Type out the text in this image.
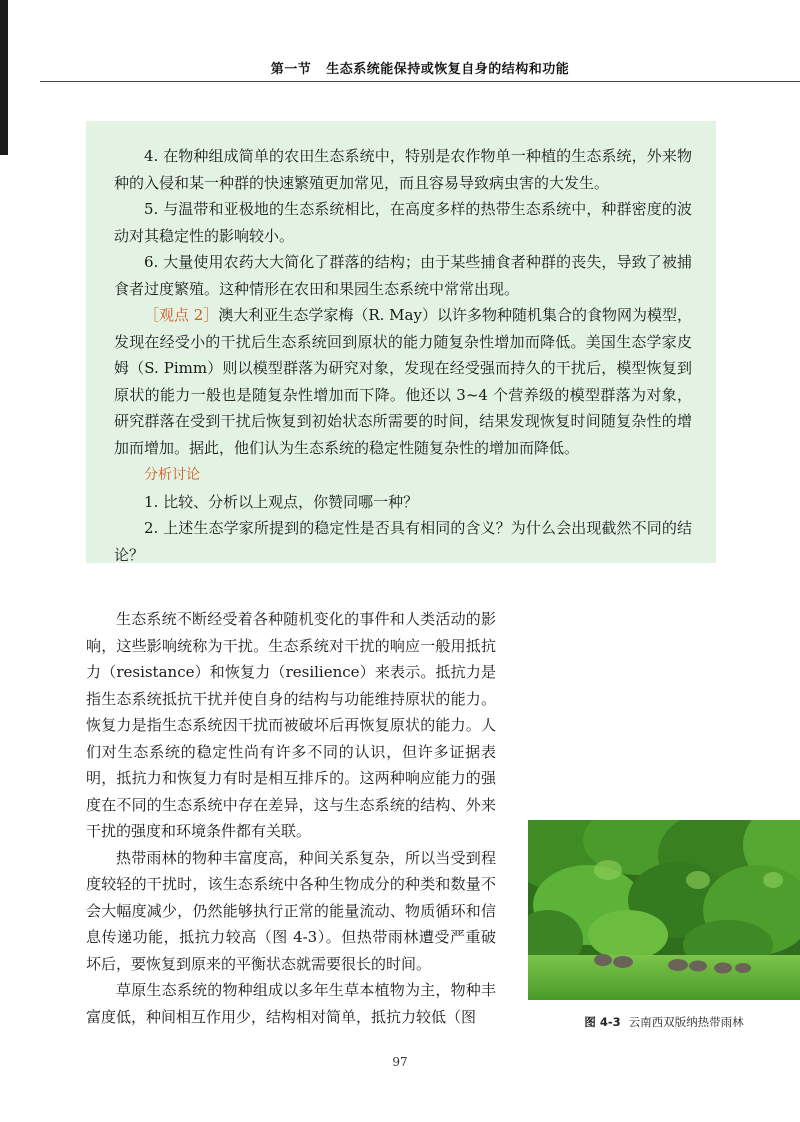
第一节 生态系统能保持或恢复自身的结构和功能

4. 在物种组成简单的农田生态系统中，特别是农作物单一种植的生态系统，外来物种的入侵和某一种群的快速繁殖更加常见，而且容易导致病虫害的大发生。

5. 与温带和亚极地的生态系统相比，在高度多样的热带生态系统中，种群密度的波动对其稳定性的影响较小。

6. 大量使用农药大大简化了群落的结构；由于某些捕食者种群的丧失，导致了被捕食者过度繁殖。这种情形在农田和果园生态系统中常常出现。

［观点 2］澳大利亚生态学家梅（R. May）以许多物种随机集合的食物网为模型，发现在经受小的干扰后生态系统回到原状的能力随复杂性增加而降低。美国生态学家皮姆（S. Pimm）则以模型群落为研究对象，发现在经受强而持久的干扰后，模型恢复到原状的能力一般也是随复杂性增加而下降。他还以 3~4 个营养级的模型群落为对象，研究群落在受到干扰后恢复到初始状态所需要的时间，结果发现恢复时间随复杂性的增加而增加。据此，他们认为生态系统的稳定性随复杂性的增加而降低。

分析讨论

1. 比较、分析以上观点，你赞同哪一种？

2. 上述生态学家所提到的稳定性是否具有相同的含义？为什么会出现截然不同的结论？

生态系统不断经受着各种随机变化的事件和人类活动的影响，这些影响统称为干扰。生态系统对干扰的响应一般用抵抗力（resistance）和恢复力（resilience）来表示。抵抗力是指生态系统抵抗干扰并使自身的结构与功能维持原状的能力。恢复力是指生态系统因干扰而被破坏后再恢复原状的能力。人们对生态系统的稳定性尚有许多不同的认识，但许多证据表明，抵抗力和恢复力有时是相互排斥的。这两种响应能力的强度在不同的生态系统中存在差异，这与生态系统的结构、外来干扰的强度和环境条件都有关联。

热带雨林的物种丰富度高，种间关系复杂，所以当受到程度较轻的干扰时，该生态系统中各种生物成分的种类和数量不会大幅度减少，仍然能够执行正常的能量流动、物质循环和信息传递功能，抵抗力较高（图 4-3）。但热带雨林遭受严重破坏后，要恢复到原来的平衡状态就需要很长的时间。

草原生态系统的物种组成以多年生草本植物为主，物种丰富度低，种间相互作用少，结构相对简单，抵抗力较低（图	图 4-3 云南西双版纳热带雨林
97
